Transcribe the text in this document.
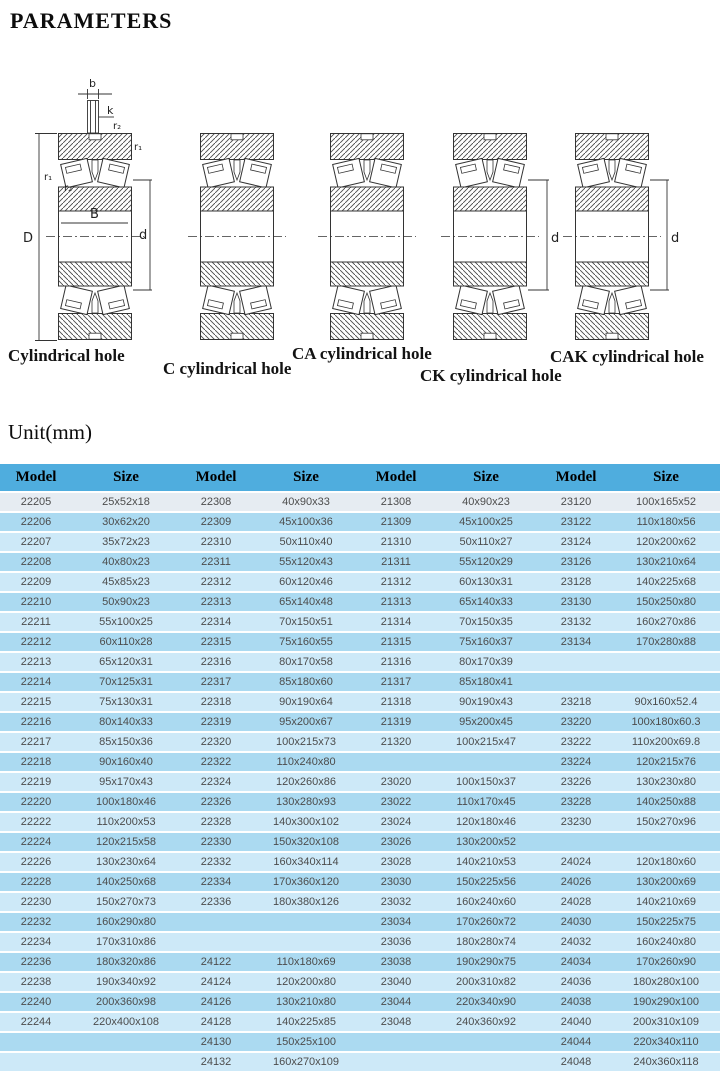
PARAMETERS
b
k
r₂
r₁
r₁
r₂
B
D	d	d	d
Cylindrical hole
C cylindrical hole
CA cylindrical hole
CK cylindrical hole
CAK cylindrical hole
Unit(mm)
Model	Size	Model	Size	Model	Size	Model	Size
22205	25x52x18	22308	40x90x33	21308	40x90x23	23120	100x165x52
22206	30x62x20	22309	45x100x36	21309	45x100x25	23122	110x180x56
22207	35x72x23	22310	50x110x40	21310	50x110x27	23124	120x200x62
22208	40x80x23	22311	55x120x43	21311	55x120x29	23126	130x210x64
22209	45x85x23	22312	60x120x46	21312	60x130x31	23128	140x225x68
22210	50x90x23	22313	65x140x48	21313	65x140x33	23130	150x250x80
22211	55x100x25	22314	70x150x51	21314	70x150x35	23132	160x270x86
22212	60x110x28	22315	75x160x55	21315	75x160x37	23134	170x280x88
22213	65x120x31	22316	80x170x58	21316	80x170x39		
22214	70x125x31	22317	85x180x60	21317	85x180x41		
22215	75x130x31	22318	90x190x64	21318	90x190x43	23218	90x160x52.4
22216	80x140x33	22319	95x200x67	21319	95x200x45	23220	100x180x60.3
22217	85x150x36	22320	100x215x73	21320	100x215x47	23222	110x200x69.8
22218	90x160x40	22322	110x240x80			23224	120x215x76
22219	95x170x43	22324	120x260x86	23020	100x150x37	23226	130x230x80
22220	100x180x46	22326	130x280x93	23022	110x170x45	23228	140x250x88
22222	110x200x53	22328	140x300x102	23024	120x180x46	23230	150x270x96
22224	120x215x58	22330	150x320x108	23026	130x200x52		
22226	130x230x64	22332	160x340x114	23028	140x210x53	24024	120x180x60
22228	140x250x68	22334	170x360x120	23030	150x225x56	24026	130x200x69
22230	150x270x73	22336	180x380x126	23032	160x240x60	24028	140x210x69
22232	160x290x80			23034	170x260x72	24030	150x225x75
22234	170x310x86			23036	180x280x74	24032	160x240x80
22236	180x320x86	24122	110x180x69	23038	190x290x75	24034	170x260x90
22238	190x340x92	24124	120x200x80	23040	200x310x82	24036	180x280x100
22240	200x360x98	24126	130x210x80	23044	220x340x90	24038	190x290x100
22244	220x400x108	24128	140x225x85	23048	240x360x92	24040	200x310x109
		24130	150x25x100			24044	220x340x110
		24132	160x270x109			24048	240x360x118
